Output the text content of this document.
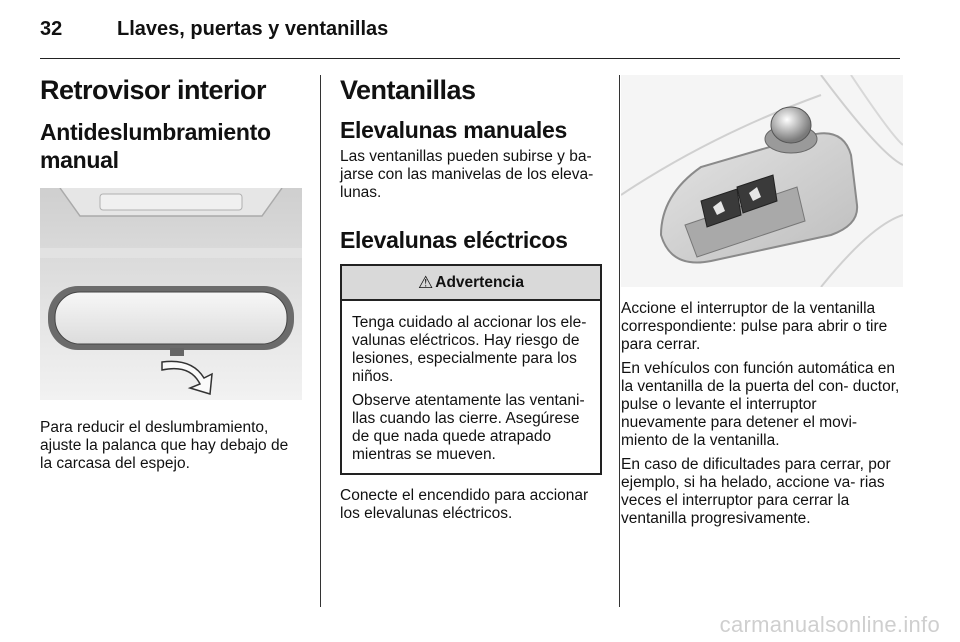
32	Llaves, puertas y ventanillas
Retrovisor interior
Antideslumbramiento manual

Para reducir el deslumbramiento, ajuste la palanca que hay debajo de la carcasa del espejo.

Ventanillas
Elevalunas manuales

Las ventanillas pueden subirse y ba- jarse con las manivelas de los eleva- lunas.

Elevalunas eléctricos
⚠ Advertencia

Tenga cuidado al accionar los ele- valunas eléctricos. Hay riesgo de lesiones, especialmente para los niños.

Observe atentamente las ventani- llas cuando las cierre. Asegúrese de que nada quede atrapado mientras se mueven.

Conecte el encendido para accionar los elevalunas eléctricos.

Accione el interruptor de la ventanilla correspondiente: pulse para abrir o tire para cerrar.

En vehículos con función automática en la ventanilla de la puerta del con- ductor, pulse o levante el interruptor nuevamente para detener el movi- miento de la ventanilla.

En caso de dificultades para cerrar, por ejemplo, si ha helado, accione va- rias veces el interruptor para cerrar la ventanilla progresivamente.

carmanualsonline.info
